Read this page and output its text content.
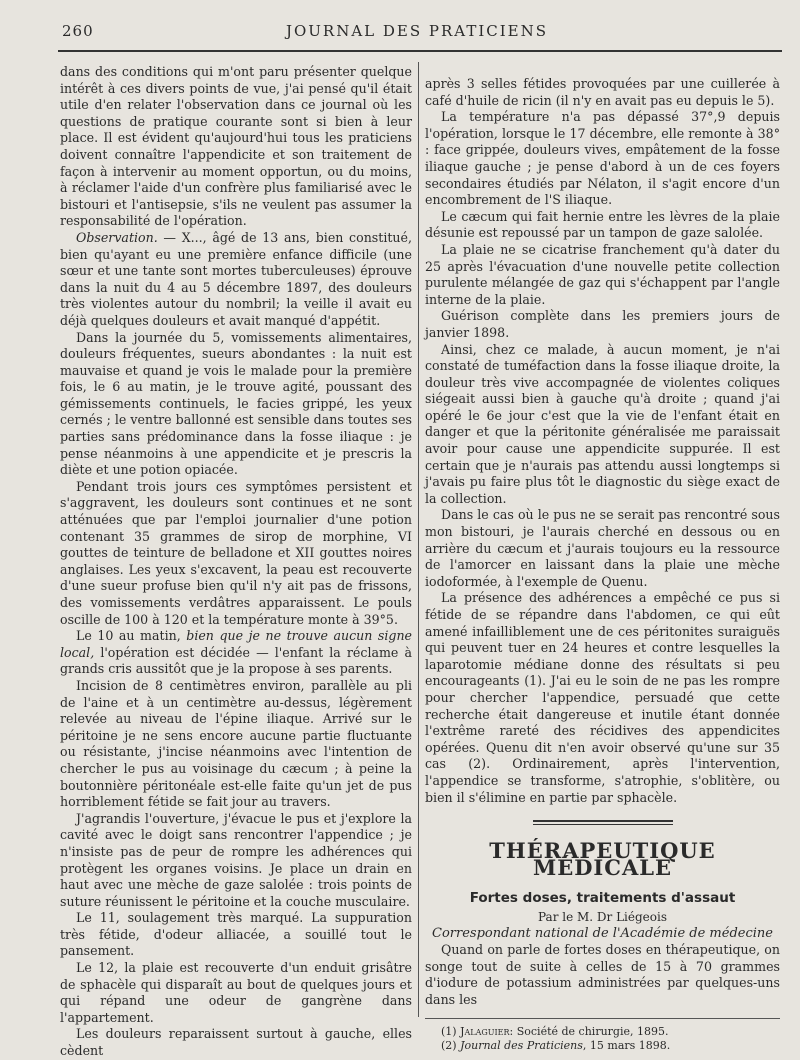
260	JOURNAL DES PRATICIENS

dans des conditions qui m'ont paru présenter quelque intérêt à ces divers points de vue, j'ai pensé qu'il était utile d'en relater l'observation dans ce journal où les questions de pratique courante sont si bien à leur place. Il est évident qu'aujourd'hui tous les praticiens doivent connaître l'appendicite et son traitement de façon à intervenir au moment opportun, ou du moins, à réclamer l'aide d'un confrère plus familiarisé avec le bistouri et l'antisepsie, s'ils ne veulent pas assumer la responsabilité de l'opération.

Observation. — X..., âgé de 13 ans, bien constitué, bien qu'ayant eu une première enfance difficile (une sœur et une tante sont mortes tuberculeuses) éprouve dans la nuit du 4 au 5 décembre 1897, des douleurs très violentes autour du nombril; la veille il avait eu déjà quelques douleurs et avait manqué d'appétit.

Dans la journée du 5, vomissements alimentaires, douleurs fréquentes, sueurs abondantes : la nuit est mauvaise et quand je vois le malade pour la première fois, le 6 au matin, je le trouve agité, poussant des gémissements continuels, le facies grippé, les yeux cernés ; le ventre ballonné est sensible dans toutes ses parties sans prédominance dans la fosse iliaque : je pense néanmoins à une appendicite et je prescris la diète et une potion opiacée.

Pendant trois jours ces symptômes persistent et s'aggravent, les douleurs sont continues et ne sont atténuées que par l'emploi journalier d'une potion contenant 35 grammes de sirop de morphine, VI gouttes de teinture de belladone et XII gouttes noires anglaises. Les yeux s'excavent, la peau est recouverte d'une sueur profuse bien qu'il n'y ait pas de frissons, des vomissements verdâtres apparaissent. Le pouls oscille de 100 à 120 et la température monte à 39°5.

Le 10 au matin, bien que je ne trouve aucun signe local, l'opération est décidée — l'enfant la réclame à grands cris aussitôt que je la propose à ses parents.

Incision de 8 centimètres environ, parallèle au pli de l'aine et à un centimètre au-dessus, légèrement relevée au niveau de l'épine iliaque. Arrivé sur le péritoine je ne sens encore aucune partie fluctuante ou résistante, j'incise néanmoins avec l'intention de chercher le pus au voisinage du cæcum ; à peine la boutonnière péritonéale est-elle faite qu'un jet de pus horriblement fétide se fait jour au travers.

J'agrandis l'ouverture, j'évacue le pus et j'explore la cavité avec le doigt sans rencontrer l'appendice ; je n'insiste pas de peur de rompre les adhérences qui protègent les organes voisins. Je place un drain en haut avec une mèche de gaze salolée : trois points de suture réunissent le péritoine et la couche musculaire.

Le 11, soulagement très marqué. La suppuration très fétide, d'odeur alliacée, a souillé tout le pansement.

Le 12, la plaie est recouverte d'un enduit grisâtre de sphacèle qui disparaît au bout de quelques jours et qui répand une odeur de gangrène dans l'appartement.

Les douleurs reparaissent surtout à gauche, elles cèdent

après 3 selles fétides provoquées par une cuillerée à café d'huile de ricin (il n'y en avait pas eu depuis le 5).

La température n'a pas dépassé 37°,9 depuis l'opération, lorsque le 17 décembre, elle remonte à 38° : face grippée, douleurs vives, empâtement de la fosse iliaque gauche ; je pense d'abord à un de ces foyers secondaires étudiés par Nélaton, il s'agit encore d'un encombrement de l'S iliaque.

Le cæcum qui fait hernie entre les lèvres de la plaie désunie est repoussé par un tampon de gaze salolée.

La plaie ne se cicatrise franchement qu'à dater du 25 après l'évacuation d'une nouvelle petite collection purulente mélangée de gaz qui s'échappent par l'angle interne de la plaie.

Guérison complète dans les premiers jours de janvier 1898.

Ainsi, chez ce malade, à aucun moment, je n'ai constaté de tuméfaction dans la fosse iliaque droite, la douleur très vive accompagnée de violentes coliques siégeait aussi bien à gauche qu'à droite ; quand j'ai opéré le 6e jour c'est que la vie de l'enfant était en danger et que la péritonite généralisée me paraissait avoir pour cause une appendicite suppurée. Il est certain que je n'aurais pas attendu aussi longtemps si j'avais pu faire plus tôt le diagnostic du siège exact de la collection.

Dans le cas où le pus ne se serait pas rencontré sous mon bistouri, je l'aurais cherché en dessous ou en arrière du cæcum et j'aurais toujours eu la ressource de l'amorcer en laissant dans la plaie une mèche iodoformée, à l'exemple de Quenu.

La présence des adhérences a empêché ce pus si fétide de se répandre dans l'abdomen, ce qui eût amené infailliblement une de ces péritonites suraiguës qui peuvent tuer en 24 heures et contre lesquelles la laparotomie médiane donne des résultats si peu encourageants (1). J'ai eu le soin de ne pas les rompre pour chercher l'appendice, persuadé que cette recherche était dangereuse et inutile étant donnée l'extrême rareté des récidives des appendicites opérées. Quenu dit n'en avoir observé qu'une sur 35 cas (2). Ordinairement, après l'intervention, l'appendice se transforme, s'atrophie, s'oblitère, ou bien il s'élimine en partie par sphacèle.

THÉRAPEUTIQUE MÉDICALE
Fortes doses, traitements d'assaut

Par le M. Dr Liégeois

Correspondant national de l'Académie de médecine

Quand on parle de fortes doses en thérapeutique, on songe tout de suite à celles de 15 à 70 grammes d'iodure de potassium administrées par quelques-uns dans les

(1) Jalaguier: Société de chirurgie, 1895.

(2) Journal des Praticiens, 15 mars 1898.
